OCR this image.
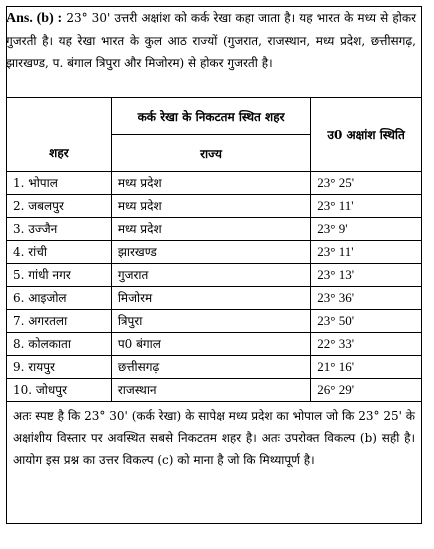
Ans. (b) : 23° 30' उत्तरी अक्षांश को कर्क रेखा कहा जाता है। यह भारत के मध्य से होकर गुजरती है। यह रेखा भारत के कुल आठ राज्यों (गुजरात, राजस्थान, मध्य प्रदेश, छत्तीसगढ़, झारखण्ड, प. बंगाल त्रिपुरा और मिजोरम) से होकर गुजरती है।
	कर्क रेखा के निकटतम स्थित शहर	उ0 अक्षांश स्थिति
शहर	राज्य	
1. भोपाल	मध्य प्रदेश	23° 25'
2. जबलपुर	मध्य प्रदेश	23° 11'
3. उज्जैन	मध्य प्रदेश	23° 9'
4. रांची	झारखण्ड	23° 11'
5. गांधी नगर	गुजरात	23° 13'
6. आइजोल	मिजोरम	23° 36'
7. अगरतला	त्रिपुरा	23° 50'
8. कोलकाता	प0 बंगाल	22° 33'
9. रायपुर	छत्तीसगढ़	21° 16'
10. जोधपुर	राजस्थान	26° 29'
अतः स्पष्ट है कि 23° 30' (कर्क रेखा) के सापेक्ष मध्य प्रदेश का भोपाल जो कि 23° 25' के अक्षांशीय विस्तार पर अवस्थित सबसे निकटतम शहर है। अतः उपरोक्त विकल्प (b) सही है। आयोग इस प्रश्न का उत्तर विकल्प (c) को माना है जो कि मिथ्यापूर्ण है।
